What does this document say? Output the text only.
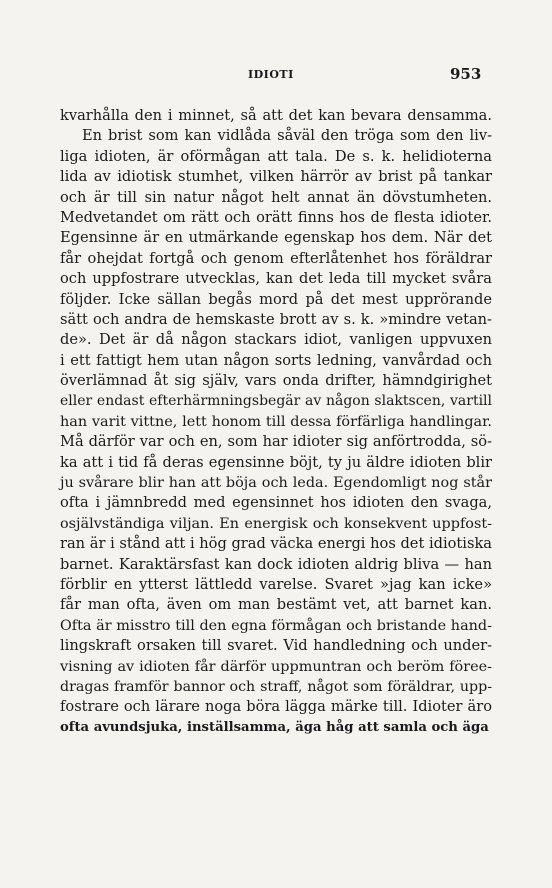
IDIOTI	953
kvarhålla den i minnet, så att det kan bevara densamma.
En brist som kan vidlåda såväl den tröga som den liv-
liga idioten, är oförmågan att tala. De s. k. helidioterna
lida av idiotisk stumhet, vilken härrör av brist på tankar
och är till sin natur något helt annat än dövstumheten.
Medvetandet om rätt och orätt finns hos de flesta idioter.
Egensinne är en utmärkande egenskap hos dem. När det
får ohejdat fortgå och genom efterlåtenhet hos föräldrar
och uppfostrare utvecklas, kan det leda till mycket svåra
följder. Icke sällan begås mord på det mest upprörande
sätt och andra de hemskaste brott av s. k. »mindre vetan-
de». Det är då någon stackars idiot, vanligen uppvuxen
i ett fattigt hem utan någon sorts ledning, vanvårdad och
överlämnad åt sig själv, vars onda drifter, hämndgirighet
eller endast efterhärmningsbegär av någon slaktscen, vartill
han varit vittne, lett honom till dessa förfärliga handlingar.
Må därför var och en, som har idioter sig anförtrodda, sö-
ka att i tid få deras egensinne böjt, ty ju äldre idioten blir
ju svårare blir han att böja och leda. Egendomligt nog står
ofta i jämnbredd med egensinnet hos idioten den svaga,
osjälvständiga viljan. En energisk och konsekvent uppfost-
ran är i stånd att i hög grad väcka energi hos det idiotiska
barnet. Karaktärsfast kan dock idioten aldrig bliva — han
förblir en ytterst lättledd varelse. Svaret »jag kan icke»
får man ofta, även om man bestämt vet, att barnet kan.
Ofta är misstro till den egna förmågan och bristande hand-
lingskraft orsaken till svaret. Vid handledning och under-
visning av idioten får därför uppmuntran och beröm föreе-
dragas framför bannor och straff, något som föräldrar, upp-
fostrare och lärare noga böra lägga märke till. Idioter äro
ofta avundsjuka, inställsamma, äga håg att samla och äga
